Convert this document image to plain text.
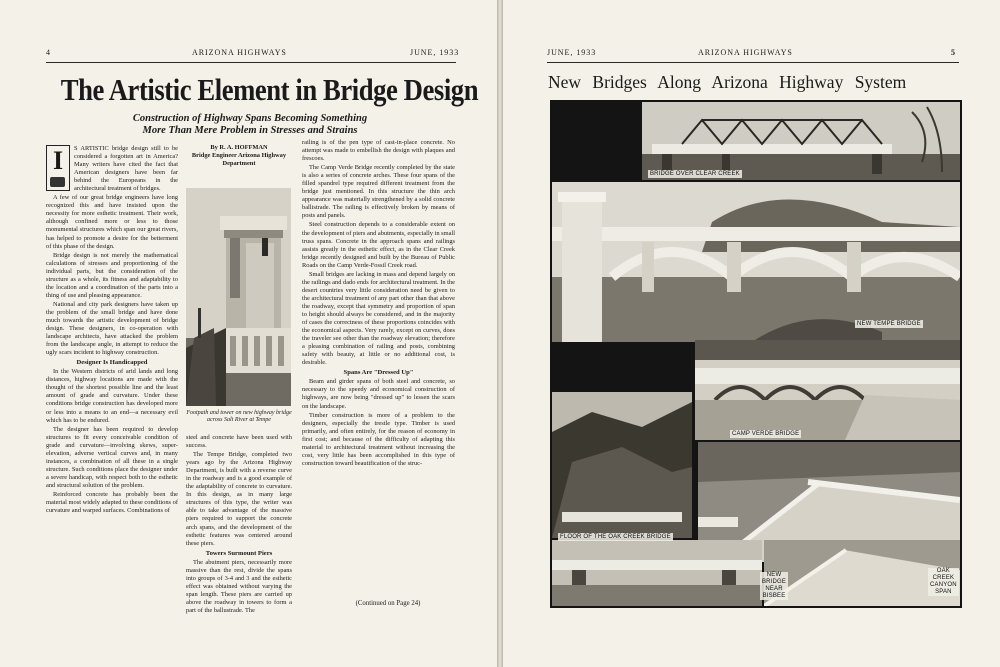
4	ARIZONA HIGHWAYS	JUNE, 1933
The Artistic Element in Bridge Design
Construction of Highway Spans Becoming Something
More Than Mere Problem in Stresses and Strains
I	S ARTISTIC bridge design still to be considered a forgotten art in America? Many writers have cited the fact that American designers have been far behind the Europeans in the architectural treatment of bridges.

A few of our great bridge engineers have long recognized this and have insisted upon the necessity for more esthetic treatment. Their work, although confined more or less to those monumental structures which span our great rivers, has helped to promote a desire for the betterment of this phase of the design.

Bridge design is not merely the mathematical calculations of stresses and proportioning of the individual parts, but the consideration of the structure as a whole, its fitness and adaptability to the location and a coordination of the parts into a thing of use and pleasing appearance.

National and city park designers have taken up the problem of the small bridge and have done much towards the artistic development of bridge design. These designers, in co-operation with landscape architects, have attacked the problem from the landscape angle, in attempt to reduce the ugly scars incident to highway construction.

Designer Is Handicapped

In the Western districts of arid lands and long distances, highway locations are made with the thought of the shortest possible line and the least amount of grade and curvature. Under these conditions bridge construction has developed more or less into a means to an end—a necessary evil which has to be endured.

The designer has been required to develop structures to fit every conceivable condition of grade and curvature—involving skews, super-elevation, adverse vertical curves and, in many instances, a combination of all these in a single structure. Such conditions place the designer under a severe handicap, with respect both to the esthetic and structural solution of the problem.

Reinforced concrete has probably been the material most widely adapted to these conditions of curvature and warped surfaces. Combinations of

By R. A. HOFFMAN
Bridge Engineer Arizona Highway
Department
Footpath and tower on new highway bridge across Salt River at Tempe

steel and concrete have been used with success.

The Tempe Bridge, completed two years ago by the Arizona Highway Department, is built with a reverse curve in the roadway and is a good example of the adaptability of concrete to curvature. In this design, as in many large structures of this type, the writer was able to take advantage of the massive piers required to support the concrete arch spans, and the development of the esthetic features was centered around these piers.

Towers Surmount Piers

The abutment piers, necessarily more massive than the rest, divide the spans into groups of 3-4 and 3 and the esthetic effect was obtained without varying the span length. These piers are carried up above the roadway in towers to form a part of the ballustrade. The

railing is of the pen type of cast-in-place concrete. No attempt was made to embellish the design with plaques and frescoes.

The Camp Verde Bridge recently completed by the state is also a series of concrete arches. These four spans of the filled spandrel type required different treatment from the bridge just mentioned. In this structure the thin arch appearance was materially strengthened by a solid concrete ballistrade. The railing is effectively broken by means of posts and panels.

Steel construction depends to a considerable extent on the development of piers and abutments, especially in small truss spans. Concrete in the approach spans and railings assists greatly in the esthetic effect, as in the Clear Creek bridge recently designed and built by the Bureau of Public Roads on the Camp Verde-Fossil Creek road.

Small bridges are lacking in mass and depend largely on the railings and dado ends for architectural treatment. In the desert countries very little consideration need be given to the architectural treatment of any part other than that above the roadway, except that symmetry and proportion of span to height should always be considered, and in the majority of cases the correctness of these proportions coincides with the economical aspects. Very rarely, except on curves, does the traveler see other than the roadway elevation; therefore a pleasing combination of railing and posts, combining safety with beauty, at little or no additional cost, is desirable.

Spans Are "Dressed Up"

Beam and girder spans of both steel and concrete, so necessary to the speedy and economical construction of highways, are now being "dressed up" to lessen the scars on the landscape.

Timber construction is more of a problem to the designers, especially the trestle type. Timber is used primarily, and often entirely, for the reason of economy in first cost; and because of the difficulty of adapting this material to architectural treatment without increasing the cost, very little has been accomplished in this type of construction toward beautification of the struc-

(Continued on Page 24)
JUNE, 1933	ARIZONA HIGHWAYS	5
New Bridges Along Arizona Highway System
BRIDGE OVER CLEAR CREEK
NEW TEMPE BRIDGE
CAMP VERDE BRIDGE
FLOOR OF THE OAK CREEK BRIDGE
NEW
BRIDGE
NEAR
BISBEE
OAK
CREEK
CANYON
SPAN
